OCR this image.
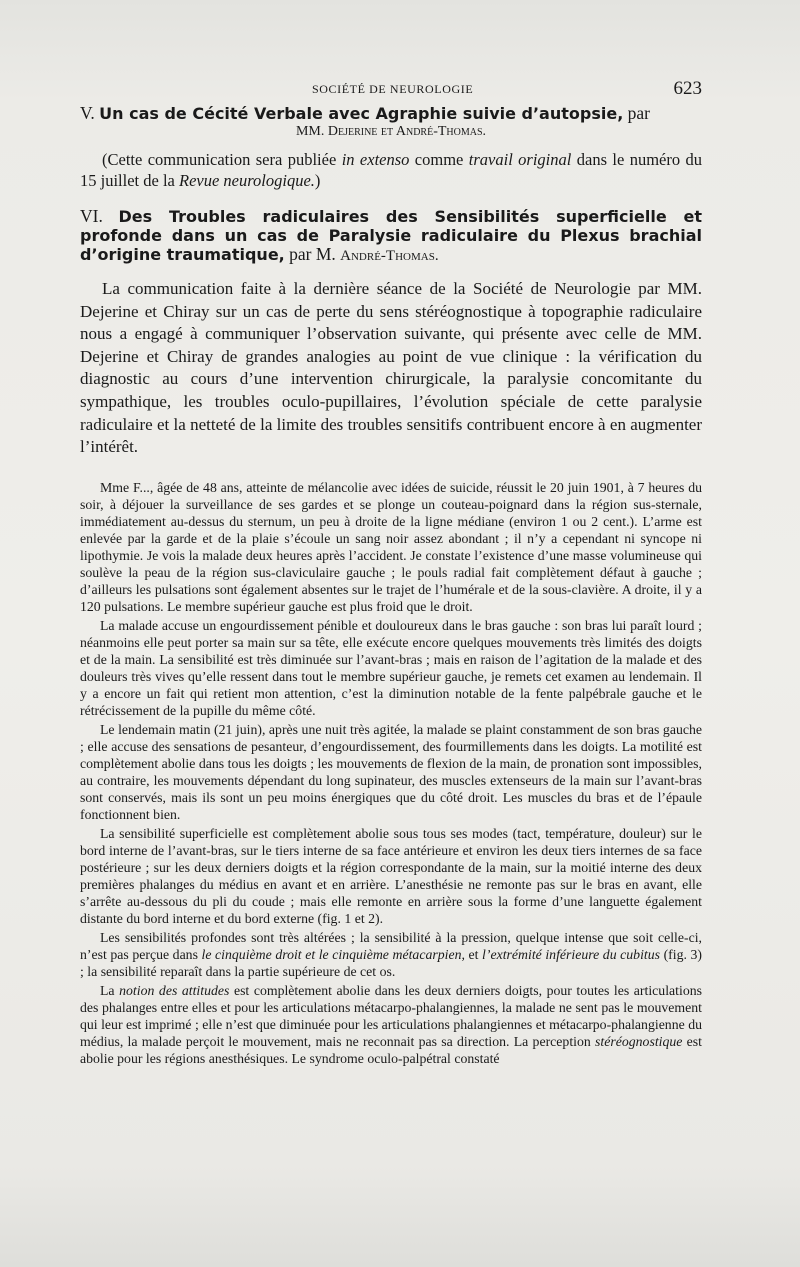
SOCIÉTÉ DE NEUROLOGIE	623

V. Un cas de Cécité Verbale avec Agraphie suivie d’autopsie, par

MM. Dejerine et André-Thomas.

(Cette communication sera publiée in extenso comme travail original dans le numéro du 15 juillet de la Revue neurologique.)

VI. Des Troubles radiculaires des Sensibilités superficielle et profonde dans un cas de Paralysie radiculaire du Plexus brachial d’origine traumatique, par M. André-Thomas.

La communication faite à la dernière séance de la Société de Neurologie par MM. Dejerine et Chiray sur un cas de perte du sens stéréognostique à topographie radiculaire nous a engagé à communiquer l’observation suivante, qui présente avec celle de MM. Dejerine et Chiray de grandes analogies au point de vue clinique : la vérification du diagnostic au cours d’une intervention chirurgicale, la paralysie concomitante du sympathique, les troubles oculo-pupillaires, l’évolution spéciale de cette paralysie radiculaire et la netteté de la limite des troubles sensitifs contribuent encore à en augmenter l’intérêt.

Mme F..., âgée de 48 ans, atteinte de mélancolie avec idées de suicide, réussit le 20 juin 1901, à 7 heures du soir, à déjouer la surveillance de ses gardes et se plonge un couteau-poignard dans la région sus-sternale, immédiatement au-dessus du sternum, un peu à droite de la ligne médiane (environ 1 ou 2 cent.). L’arme est enlevée par la garde et de la plaie s’écoule un sang noir assez abondant ; il n’y a cependant ni syncope ni lipothymie. Je vois la malade deux heures après l’accident. Je constate l’existence d’une masse volumineuse qui soulève la peau de la région sus-claviculaire gauche ; le pouls radial fait complètement défaut à gauche ; d’ailleurs les pulsations sont également absentes sur le trajet de l’humérale et de la sous-clavière. A droite, il y a 120 pulsations. Le membre supérieur gauche est plus froid que le droit.

La malade accuse un engourdissement pénible et douloureux dans le bras gauche : son bras lui paraît lourd ; néanmoins elle peut porter sa main sur sa tête, elle exécute encore quelques mouvements très limités des doigts et de la main. La sensibilité est très diminuée sur l’avant-bras ; mais en raison de l’agitation de la malade et des douleurs très vives qu’elle ressent dans tout le membre supérieur gauche, je remets cet examen au lendemain. Il y a encore un fait qui retient mon attention, c’est la diminution notable de la fente palpébrale gauche et le rétrécissement de la pupille du même côté.

Le lendemain matin (21 juin), après une nuit très agitée, la malade se plaint constamment de son bras gauche ; elle accuse des sensations de pesanteur, d’engourdissement, des fourmillements dans les doigts. La motilité est complètement abolie dans tous les doigts ; les mouvements de flexion de la main, de pronation sont impossibles, au contraire, les mouvements dépendant du long supinateur, des muscles extenseurs de la main sur l’avant-bras sont conservés, mais ils sont un peu moins énergiques que du côté droit. Les muscles du bras et de l’épaule fonctionnent bien.

La sensibilité superficielle est complètement abolie sous tous ses modes (tact, température, douleur) sur le bord interne de l’avant-bras, sur le tiers interne de sa face antérieure et environ les deux tiers internes de sa face postérieure ; sur les deux derniers doigts et la région correspondante de la main, sur la moitié interne des deux premières phalanges du médius en avant et en arrière. L’anesthésie ne remonte pas sur le bras en avant, elle s’arrête au-dessous du pli du coude ; mais elle remonte en arrière sous la forme d’une languette également distante du bord interne et du bord externe (fig. 1 et 2).

Les sensibilités profondes sont très altérées ; la sensibilité à la pression, quelque intense que soit celle-ci, n’est pas perçue dans le cinquième droit et le cinquième métacarpien, et l’extrémité inférieure du cubitus (fig. 3) ; la sensibilité reparaît dans la partie supérieure de cet os.

La notion des attitudes est complètement abolie dans les deux derniers doigts, pour toutes les articulations des phalanges entre elles et pour les articulations métacarpo-phalangiennes, la malade ne sent pas le mouvement qui leur est imprimé ; elle n’est que diminuée pour les articulations phalangiennes et métacarpo-phalangienne du médius, la malade perçoit le mouvement, mais ne reconnait pas sa direction. La perception stéréognostique est abolie pour les régions anesthésiques. Le syndrome oculo-palpétral constaté
